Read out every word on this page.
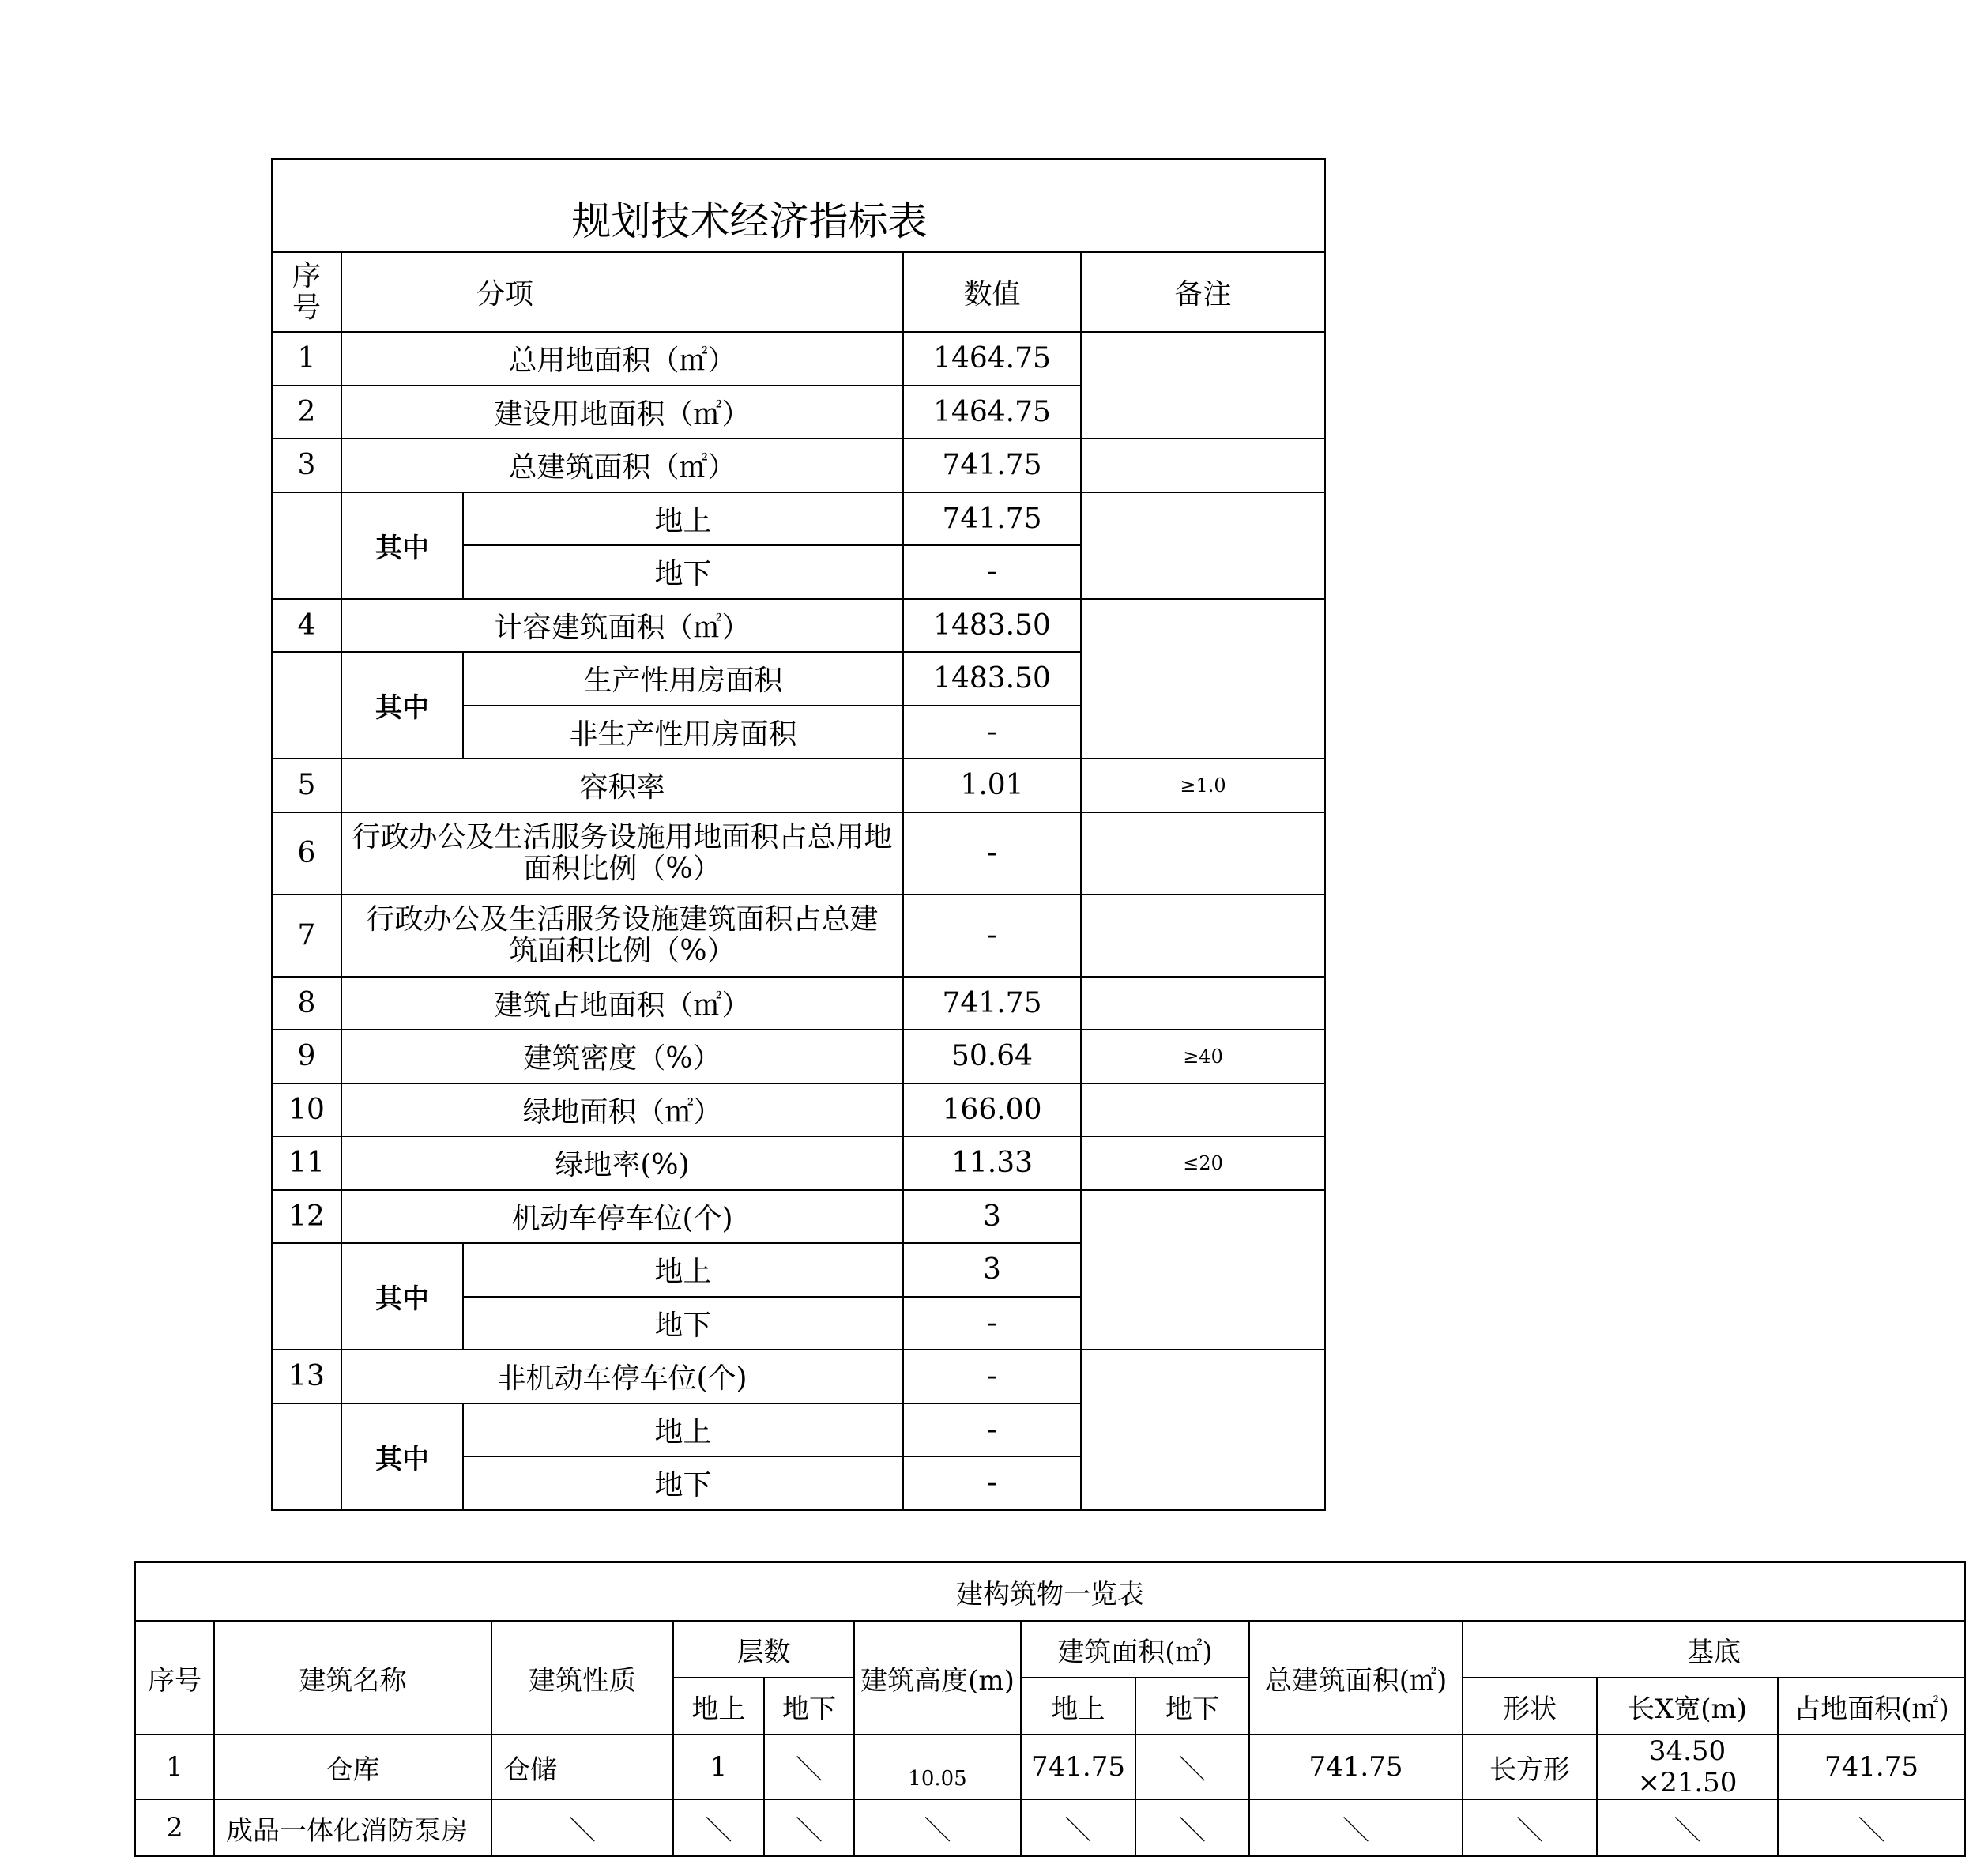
规划技术经济指标表				
序
号	分项		数值	备注
1	总用地面积（㎡）		1464.75	
2	建设用地面积（㎡）		1464.75	
3	总建筑面积（㎡）		741.75	
	其中	地上	741.75	
		地下	-	
4	计容建筑面积（㎡）		1483.50	
	其中	生产性用房面积	1483.50	
		非生产性用房面积	-	
5	容积率		1.01	≥1.0
6	行政办公及生活服务设施用地面积占总用地面积比例（%）		-	
7	行政办公及生活服务设施建筑面积占总建筑面积比例（%）		-	
8	建筑占地面积（㎡）		741.75	
9	建筑密度（%）		50.64	≥40
10	绿地面积（㎡）		166.00	
11	绿地率(%)		11.33	≤20
12	机动车停车位(个)		3	
	其中	地上	3	
		地下	-	
13	非机动车停车位(个)		-	
	其中	地上	-	
		地下	-	
建构筑物一览表											
序号	建筑名称	建筑性质	层数		建筑高度(m)	建筑面积(㎡)		总建筑面积(㎡)	基底		
			地上	地下		地上	地下		形状	长X宽(m)	占地面积(㎡)
1	仓库	仓储	1	＼	10.05	741.75	＼	741.75	长方形	34.50 ×21.50	741.75
2	成品一体化消防泵房	＼	＼	＼	＼	＼	＼	＼	＼	＼	＼
